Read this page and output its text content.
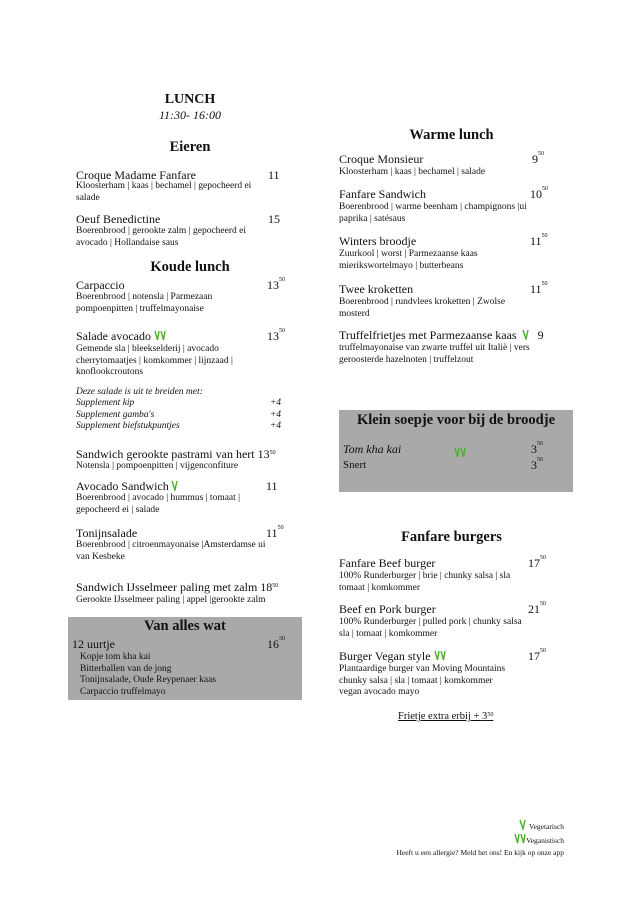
LUNCH
11:30- 16:00
Eieren
Croque Madame Fanfare	11
Kloosterham | kaas | bechamel | gepocheerd ei
salade
Oeuf Benedictine	15
Boerenbrood | gerookte zalm | gepocheerd ei
avocado | Hollandaise saus
Koude lunch
Carpaccio	$13^{50}$
Boerenbrood | notensla | Parmezaan
pompoenpitten | truffelmayonaise
Salade avocado	$13^{50}$
Gemende sla | bleekselderij | avocado
cherrytomaatjes | komkommer | lijnzaad |
knoflookcroutons
Deze salade is uit te breiden met:
Supplement kip	+4
Supplement gamba's	+4
Supplement biefstukpuntjes	+4
Sandwich gerookte pastrami van hert $13^{50}$
Notensla | pompoenpitten | vijgenconfiture
Avocado Sandwich	11
Boerenbrood | avocado | hummus | tomaat |
gepocheerd ei | salade
Tonijnsalade	$11^{50}$
Boerenbrood | citroenmayonaise |Amsterdamse ui
van Kesbeke
Sandwich IJsselmeer paling met zalm $18^{50}$
Gerookte IJsselmeer paling | appel |gerookte zalm
Van alles wat
12 uurtje	$16^{50}$
Kopje tom kha kai
Bitterballen van de jong
Tonijnsalade, Oude Reypenaer kaas
Carpaccio truffelmayo
Warme lunch
Croque Monsieur	$9^{50}$
Kloosterham | kaas | bechamel | salade
Fanfare Sandwich	$10^{50}$
Boerenbrood | warme beenham | champignons |ui
paprika | satésaus
Winters broodje	$11^{50}$
Zuurkool | worst | Parmezaanse kaas
mierikswortelmayo | butterbeans
Twee kroketten	$11^{50}$
Boerenbrood | rundvlees kroketten | Zwolse
mosterd
Truffelfrietjes met Parmezaanse kaas 9
truffelmayonaise van zwarte truffel uit Italië | vers
geroosterde hazelnoten | truffelzout
Klein soepje voor bij de broodje
Tom kha kai	$3^{50}$
Snert	$3^{50}$
Fanfare burgers
Fanfare Beef burger	$17^{50}$
100% Runderburger | brie | chunky salsa | sla
tomaat | komkommer
Beef en Pork burger	$21^{50}$
100% Runderburger | pulled pork | chunky salsa
sla | tomaat | komkommer
Burger Vegan style	$17^{50}$
Plantaardige burger van Moving Mountains
chunky salsa | sla | tomaat | komkommer
vegan avocado mayo
Frietje extra erbij + $3^{50}$
Vegetarisch
Veganistisch
Heeft u een allergie? Meld het ons! En kijk op onze app
